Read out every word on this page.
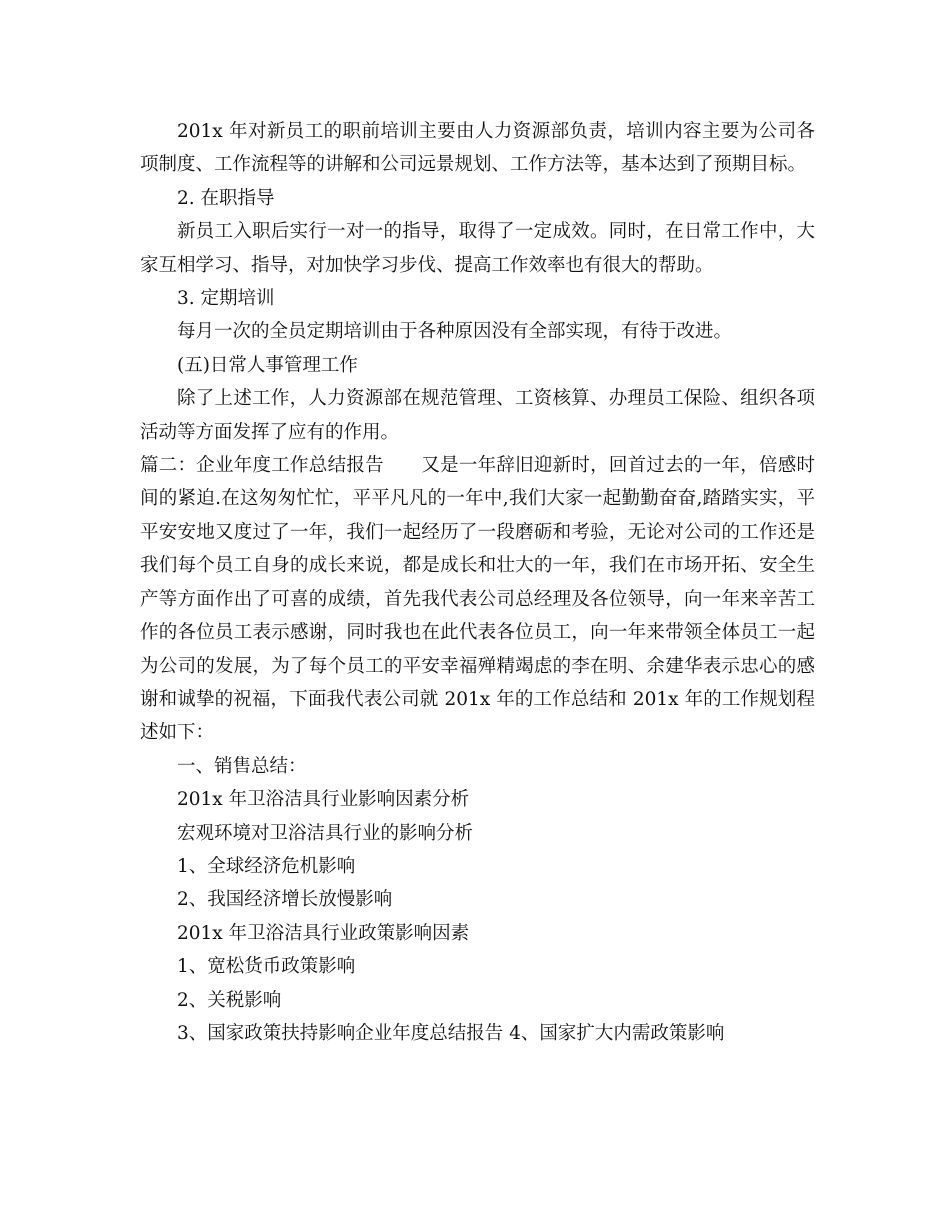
201x 年对新员工的职前培训主要由人力资源部负责，培训内容主要为公司各项制度、工作流程等的讲解和公司远景规划、工作方法等，基本达到了预期目标。

2. 在职指导

新员工入职后实行一对一的指导，取得了一定成效。同时，在日常工作中，大家互相学习、指导，对加快学习步伐、提高工作效率也有很大的帮助。

3. 定期培训

每月一次的全员定期培训由于各种原因没有全部实现，有待于改进。

(五)日常人事管理工作

除了上述工作，人力资源部在规范管理、工资核算、办理员工保险、组织各项活动等方面发挥了应有的作用。

篇二：企业年度工作总结报告　　又是一年辞旧迎新时，回首过去的一年，倍感时间的紧迫.在这匆匆忙忙，平平凡凡的一年中,我们大家一起勤勤奋奋,踏踏实实，平平安安地又度过了一年，我们一起经历了一段磨砺和考验，无论对公司的工作还是我们每个员工自身的成长来说，都是成长和壮大的一年，我们在市场开拓、安全生产等方面作出了可喜的成绩，首先我代表公司总经理及各位领导，向一年来辛苦工作的各位员工表示感谢，同时我也在此代表各位员工，向一年来带领全体员工一起为公司的发展，为了每个员工的平安幸福殚精竭虑的李在明、余建华表示忠心的感谢和诚挚的祝福，下面我代表公司就 201x 年的工作总结和 201x 年的工作规划程述如下：

一、销售总结：

201x 年卫浴洁具行业影响因素分析

宏观环境对卫浴洁具行业的影响分析

1、全球经济危机影响

2、我国经济增长放慢影响

201x 年卫浴洁具行业政策影响因素

1、宽松货币政策影响

2、关税影响

3、国家政策扶持影响企业年度总结报告 4、国家扩大内需政策影响
